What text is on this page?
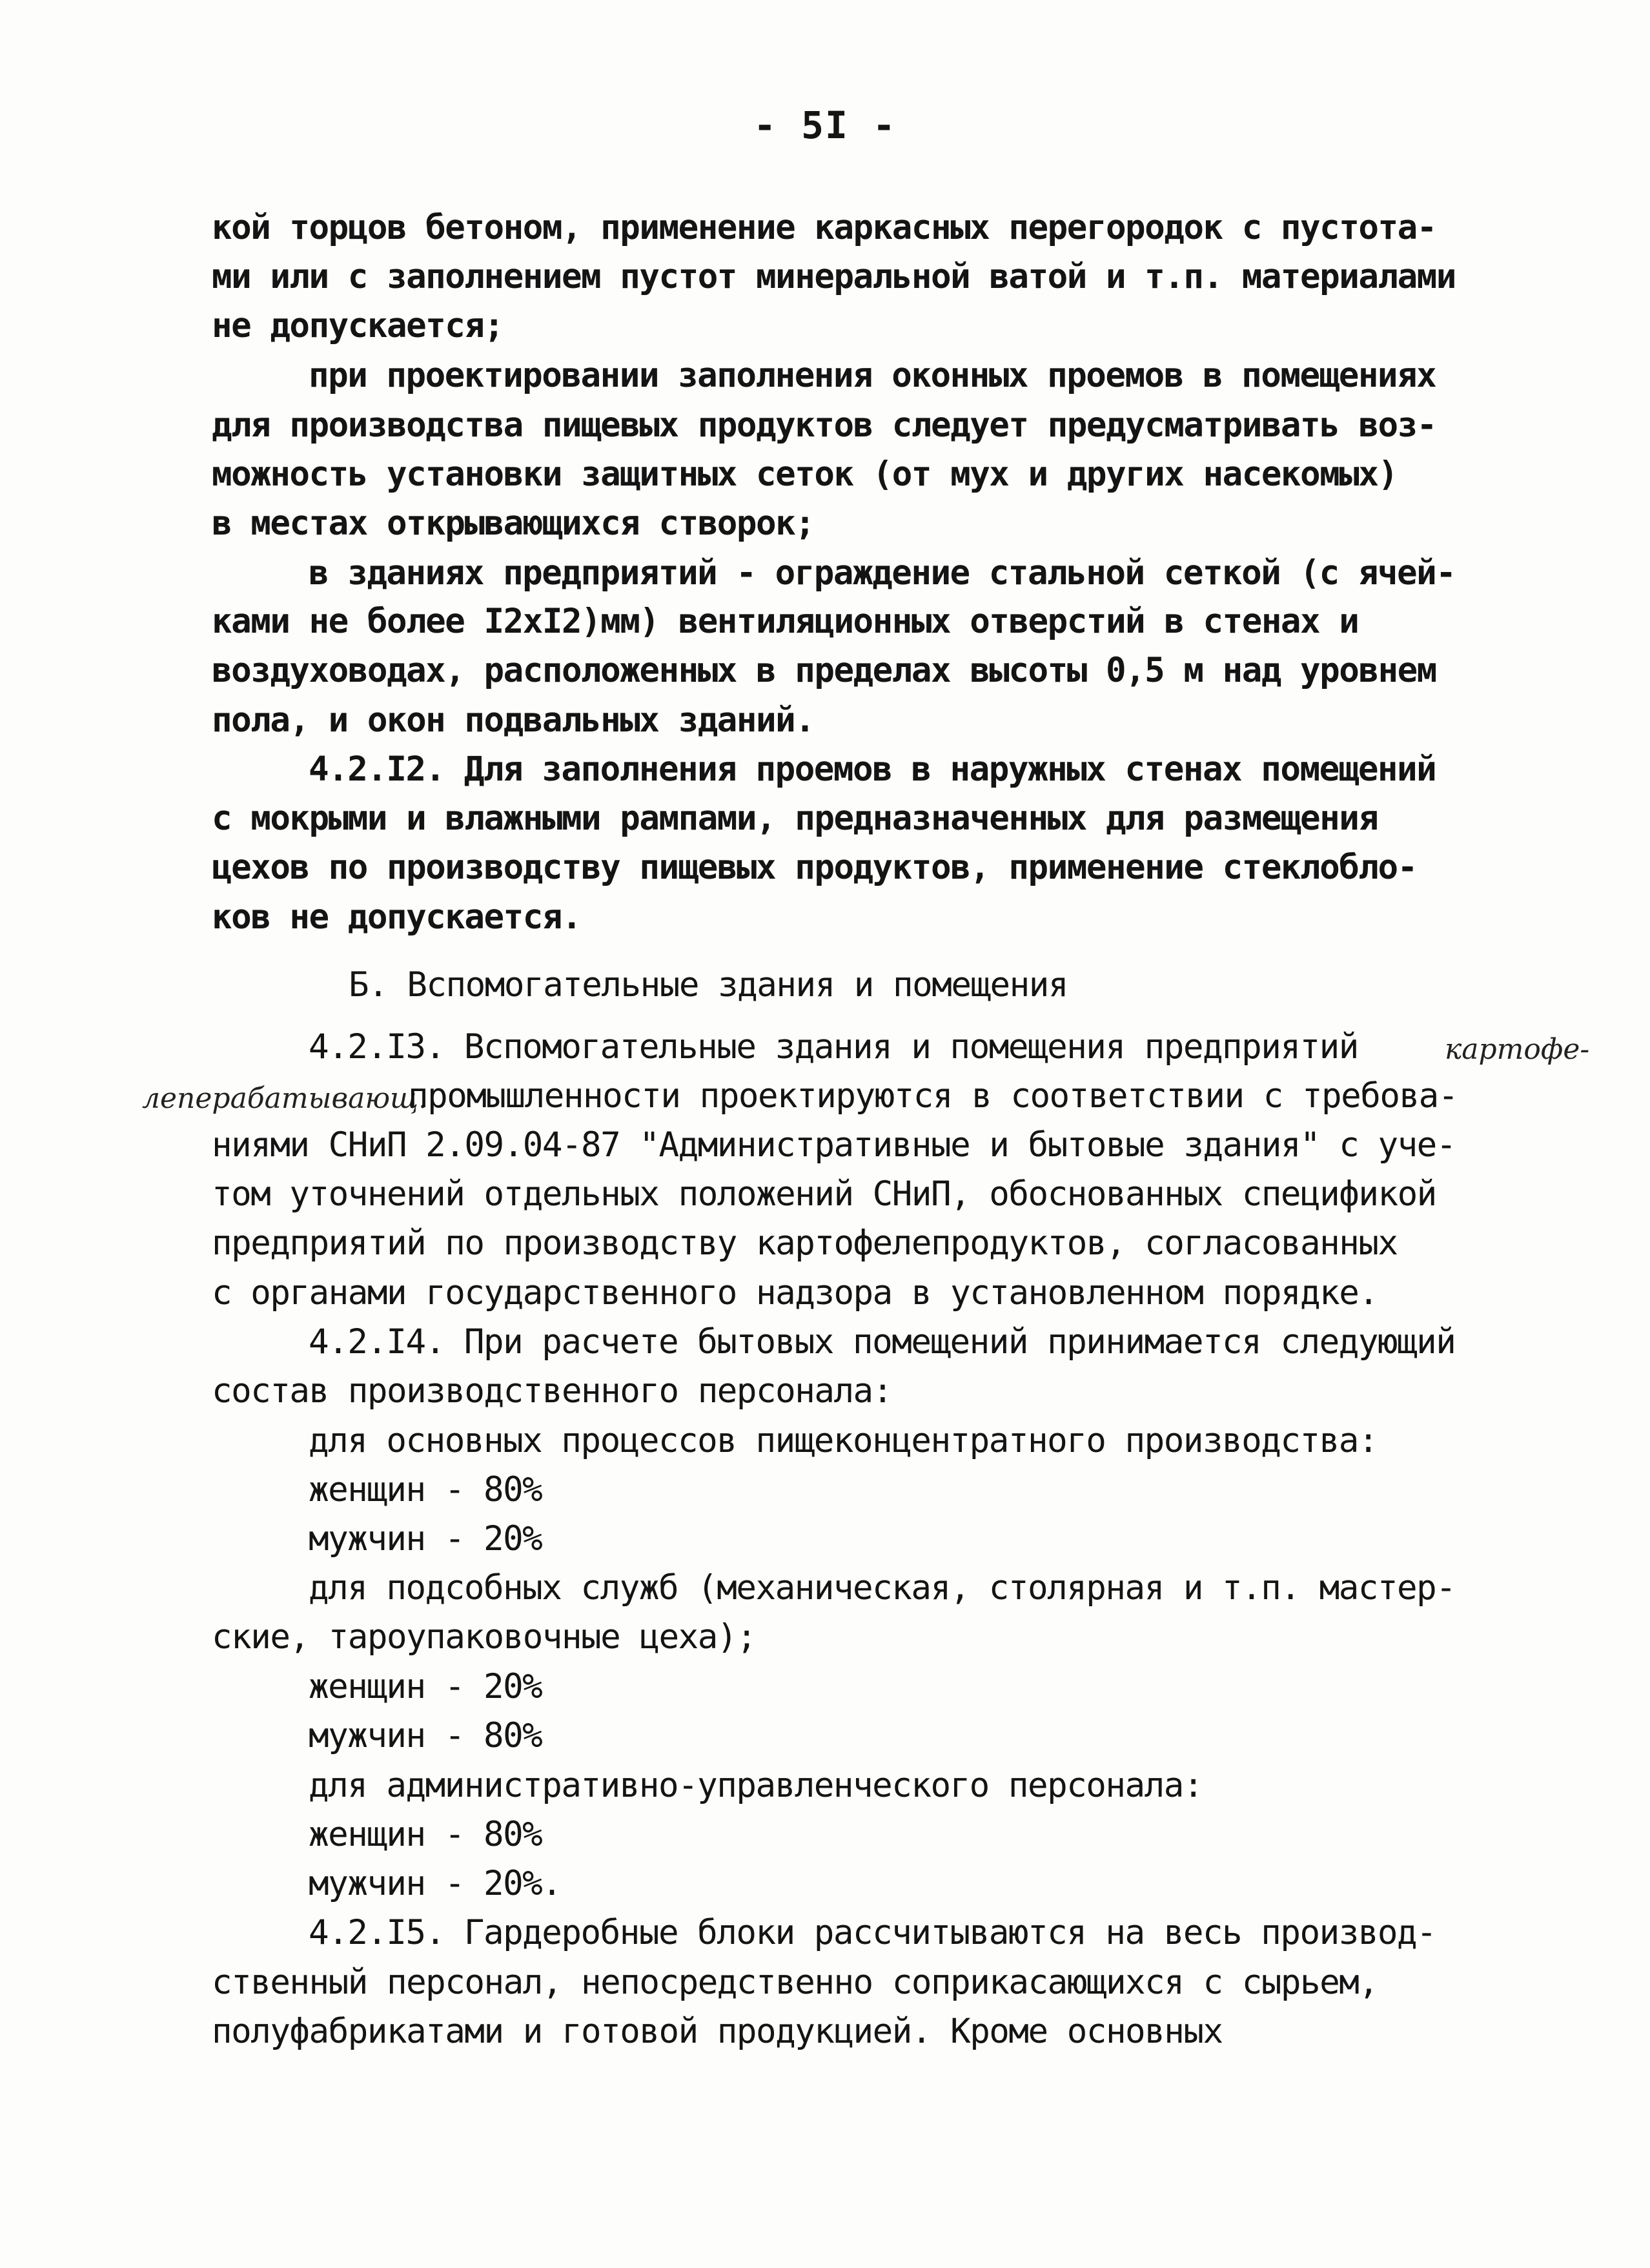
- 5I -
кой торцов бетоном, применение каркасных перегородок с пустота-
ми или с заполнением пустот минеральной ватой и т.п. материалами
не допускается;
при проектировании заполнения оконных проемов в помещениях
для производства пищевых продуктов следует предусматривать воз-
можность установки защитных сеток (от мух и других насекомых)
в местах открывающихся створок;
в зданиях предприятий - ограждение стальной сеткой (с ячей-
ками не более I2хI2)мм) вентиляционных отверстий в стенах и
воздуховодах, расположенных в пределах высоты 0,5 м над уровнем
пола, и окон подвальных зданий.
4.2.I2. Для заполнения проемов в наружных стенах помещений
с мокрыми и влажными рампами, предназначенных для размещения
цехов по производству пищевых продуктов, применение стеклобло-
ков не допускается.
Б. Вспомогательные здания и помещения
4.2.I3. Вспомогательные здания и помещения предприятий	картофе-
леперабатывающ.
промышленности проектируются в соответствии с требова-
ниями СНиП 2.09.04-87 "Административные и бытовые здания" с уче-
том уточнений отдельных положений СНиП, обоснованных спецификой
предприятий по производству картофелепродуктов, согласованных
с органами государственного надзора в установленном порядке.
4.2.I4. При расчете бытовых помещений принимается следующий
состав производственного персонала:
для основных процессов пищеконцентратного производства:
женщин - 80%
мужчин - 20%
для подсобных служб (механическая, столярная и т.п. мастер-
ские, тароупаковочные цеха);
женщин - 20%
мужчин - 80%
для административно-управленческого персонала:
женщин - 80%
мужчин - 20%.
4.2.I5. Гардеробные блоки рассчитываются на весь производ-
ственный персонал, непосредственно соприкасающихся с сырьем,
полуфабрикатами и готовой продукцией. Кроме основных
